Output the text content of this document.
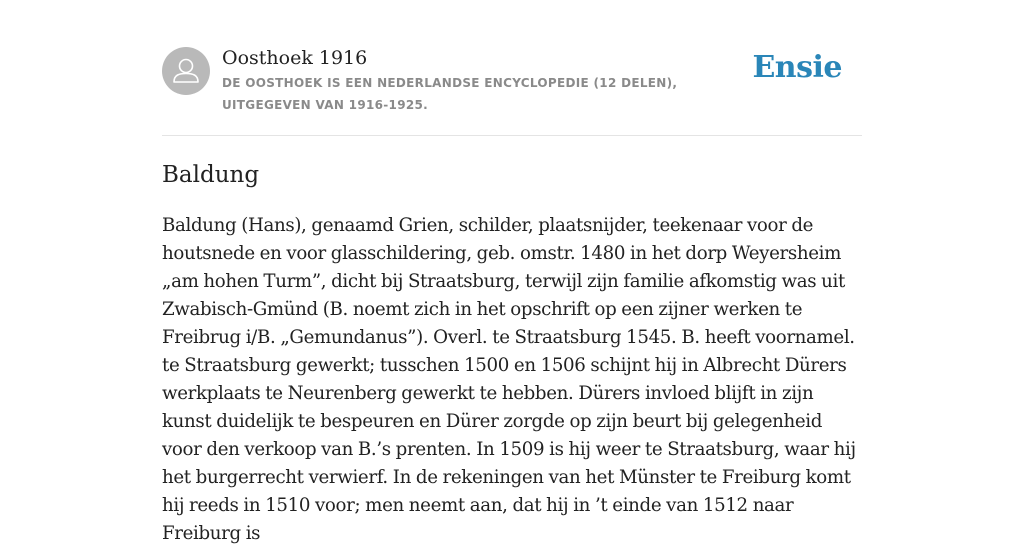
Oosthoek 1916
DE OOSTHOEK IS EEN NEDERLANDSE ENCYCLOPEDIE (12 DELEN), UITGEGEVEN VAN 1916-1925.
Ensie
Baldung

Baldung (Hans), genaamd Grien, schilder, plaatsnijder, teekenaar voor de houtsnede en voor glasschildering, geb. omstr. 1480 in het dorp Weyersheim „am hohen Turm”, dicht bij Straatsburg, terwijl zijn familie afkomstig was uit Zwabisch-Gmünd (B. noemt zich in het opschrift op een zijner werken te Freibrug i/B. „Gemundanus”). Overl. te Straatsburg 1545. B. heeft voornamel. te Straatsburg gewerkt; tusschen 1500 en 1506 schijnt hij in Albrecht Dürers werkplaats te Neurenberg gewerkt te hebben. Dürers invloed blijft in zijn kunst duidelijk te bespeuren en Dürer zorgde op zijn beurt bij gelegenheid voor den verkoop van B.’s prenten. In 1509 is hij weer te Straatsburg, waar hij het burgerrecht verwierf. In de rekeningen van het Münster te Freiburg komt hij reeds in 1510 voor; men neemt aan, dat hij in ’t einde van 1512 naar Freiburg is
